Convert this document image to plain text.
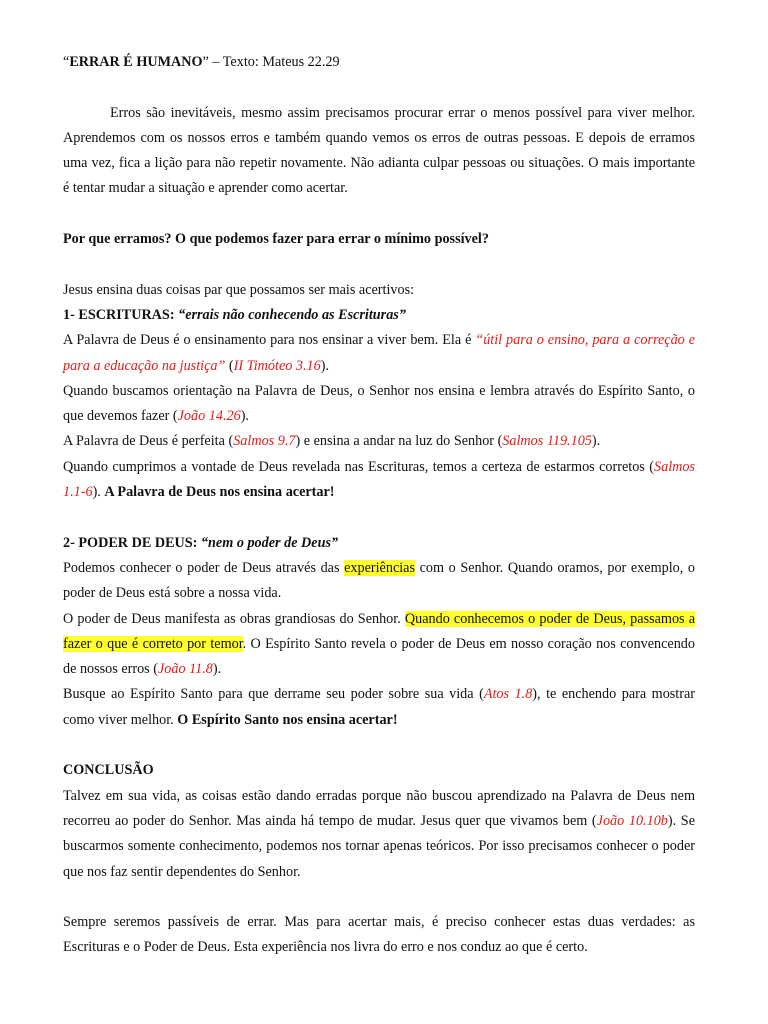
“ERRAR É HUMANO” – Texto: Mateus 22.29

Erros são inevitáveis, mesmo assim precisamos procurar errar o menos possível para viver melhor. Aprendemos com os nossos erros e também quando vemos os erros de outras pessoas. E depois de erramos uma vez, fica a lição para não repetir novamente. Não adianta culpar pessoas ou situações. O mais importante é tentar mudar a situação e aprender como acertar.

Por que erramos? O que podemos fazer para errar o mínimo possível?

Jesus ensina duas coisas par que possamos ser mais acertivos:

1- ESCRITURAS: “errais não conhecendo as Escrituras”

A Palavra de Deus é o ensinamento para nos ensinar a viver bem. Ela é “útil para o ensino, para a correção e para a educação na justiça” (II Timóteo 3.16).

Quando buscamos orientação na Palavra de Deus, o Senhor nos ensina e lembra através do Espírito Santo, o que devemos fazer (João 14.26).

A Palavra de Deus é perfeita (Salmos 9.7) e ensina a andar na luz do Senhor (Salmos 119.105).

Quando cumprimos a vontade de Deus revelada nas Escrituras, temos a certeza de estarmos corretos (Salmos 1.1-6). A Palavra de Deus nos ensina acertar!

2- PODER DE DEUS: “nem o poder de Deus”

Podemos conhecer o poder de Deus através das experiências com o Senhor. Quando oramos, por exemplo, o poder de Deus está sobre a nossa vida.

O poder de Deus manifesta as obras grandiosas do Senhor. Quando conhecemos o poder de Deus, passamos a fazer o que é correto por temor. O Espírito Santo revela o poder de Deus em nosso coração nos convencendo de nossos erros (João 11.8).

Busque ao Espírito Santo para que derrame seu poder sobre sua vida (Atos 1.8), te enchendo para mostrar como viver melhor. O Espírito Santo nos ensina acertar!

CONCLUSÃO

Talvez em sua vida, as coisas estão dando erradas porque não buscou aprendizado na Palavra de Deus nem recorreu ao poder do Senhor. Mas ainda há tempo de mudar. Jesus quer que vivamos bem (João 10.10b). Se buscarmos somente conhecimento, podemos nos tornar apenas teóricos. Por isso precisamos conhecer o poder que nos faz sentir dependentes do Senhor.

Sempre seremos passíveis de errar. Mas para acertar mais, é preciso conhecer estas duas verdades: as Escrituras e o Poder de Deus. Esta experiência nos livra do erro e nos conduz ao que é certo.
